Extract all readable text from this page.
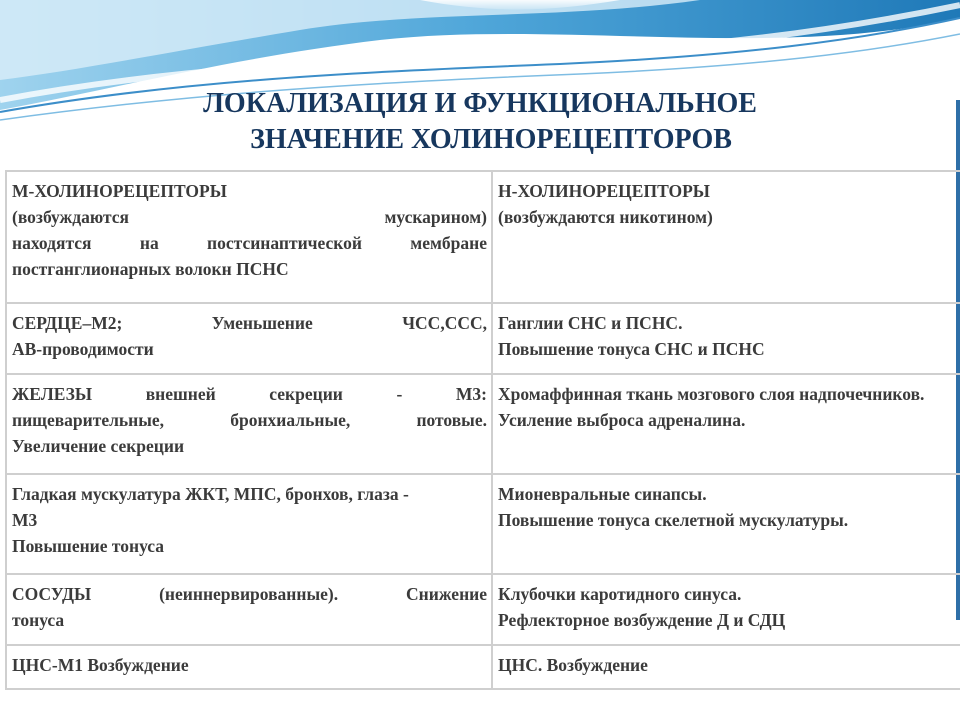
ЛОКАЛИЗАЦИЯ И ФУНКЦИОНАЛЬНОЕ
ЗНАЧЕНИЕ ХОЛИНОРЕЦЕПТОРОВ
М-ХОЛИНОРЕЦЕПТОРЫ
(возбуждаются мускарином)
находятся на постсинаптической мембране
постганглионарных волокн ПСНС	Н-ХОЛИНОРЕЦЕПТОРЫ
(возбуждаются никотином)

СЕРДЦЕ–М2; Уменьшение ЧСС,ССС,
АВ-проводимости	Ганглии СНС и ПСНС.
Повышение тонуса СНС и ПСНС

ЖЕЛЕЗЫ внешней секреции - М3:
пищеварительные, бронхиальные, потовые.
Увеличение секреции	Хромаффинная ткань мозгового слоя надпочечников.
Усиление выброса адреналина.

Гладкая мускулатура ЖКТ, МПС, бронхов, глаза -
М3
Повышение тонуса	Мионевральные синапсы.
Повышение тонуса скелетной мускулатуры.

СОСУДЫ (неиннервированные). Снижение
тонуса	Клубочки каротидного синуса.
Рефлекторное возбуждение Д и СДЦ

ЦНС-М1 Возбуждение	ЦНС. Возбуждение
